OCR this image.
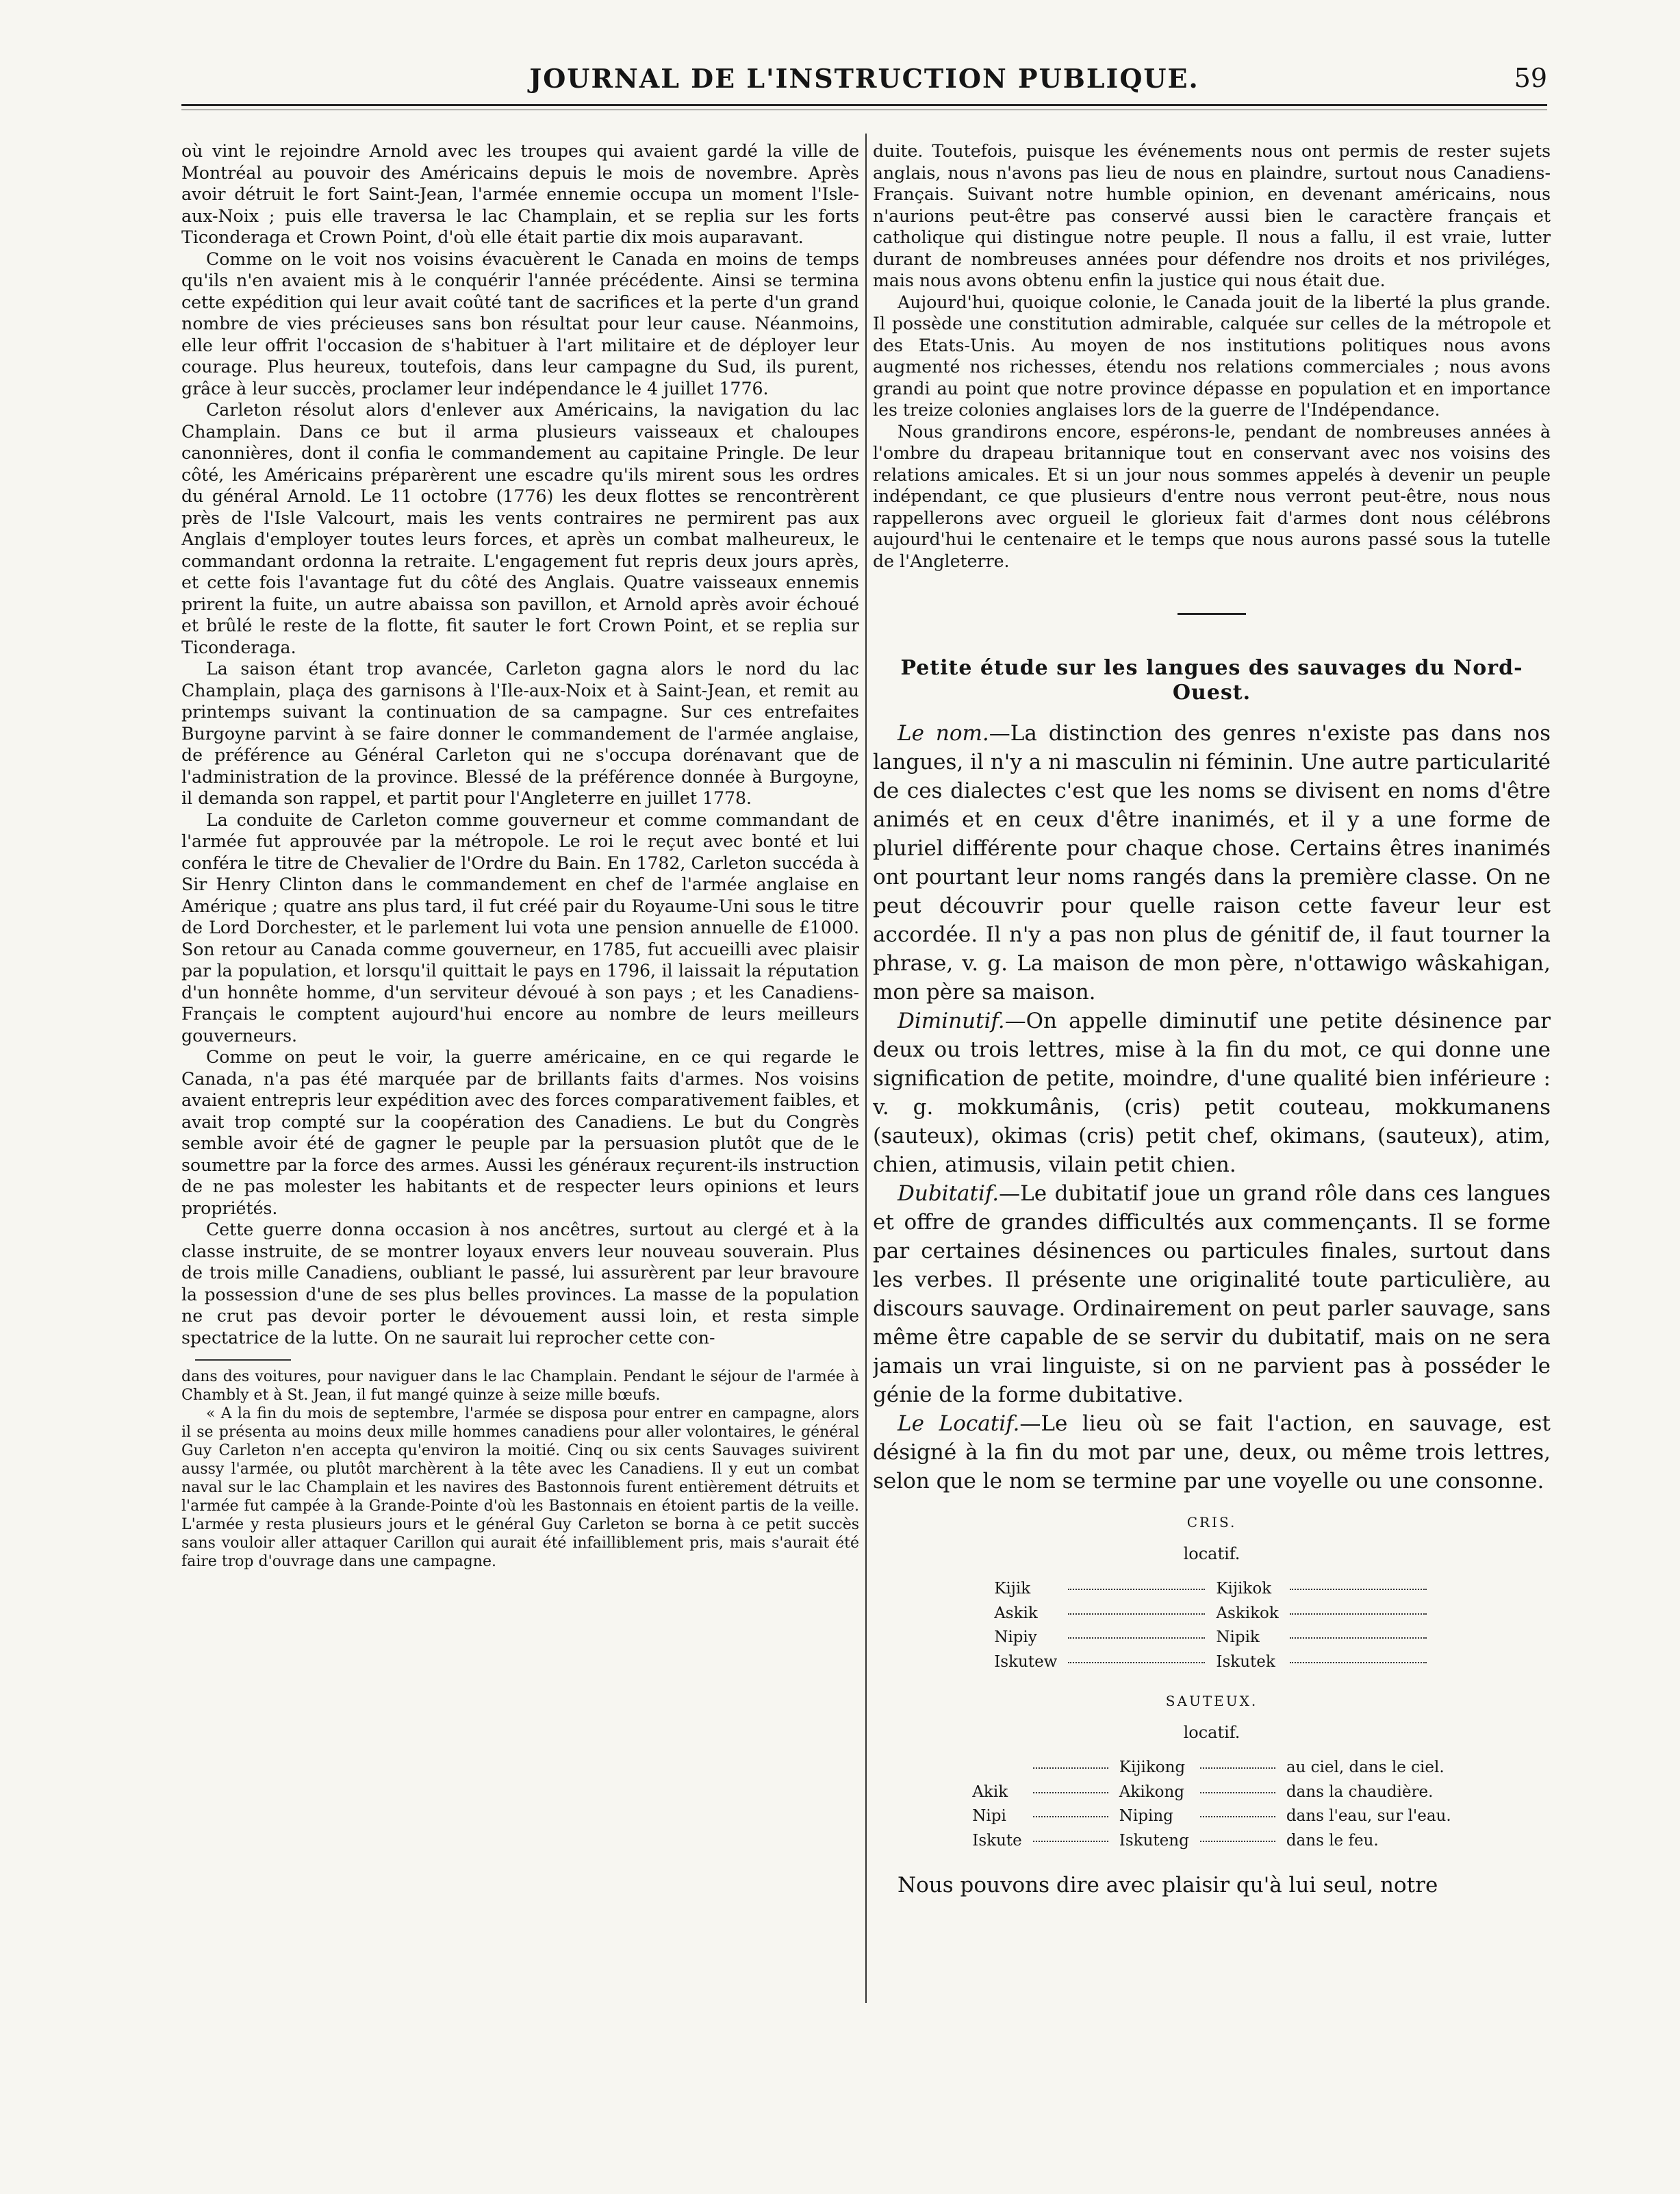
JOURNAL DE L'INSTRUCTION PUBLIQUE.	59

où vint le rejoindre Arnold avec les troupes qui avaient gardé la ville de Montréal au pouvoir des Américains depuis le mois de novembre. Après avoir détruit le fort Saint-Jean, l'armée ennemie occupa un moment l'Isle-aux-Noix ; puis elle traversa le lac Champlain, et se replia sur les forts Ticonderaga et Crown Point, d'où elle était partie dix mois auparavant.

Comme on le voit nos voisins évacuèrent le Canada en moins de temps qu'ils n'en avaient mis à le conquérir l'année précédente. Ainsi se termina cette expédition qui leur avait coûté tant de sacrifices et la perte d'un grand nombre de vies précieuses sans bon résultat pour leur cause. Néanmoins, elle leur offrit l'occasion de s'habituer à l'art militaire et de déployer leur courage. Plus heureux, toutefois, dans leur campagne du Sud, ils purent, grâce à leur succès, proclamer leur indépendance le 4 juillet 1776.

Carleton résolut alors d'enlever aux Américains, la navigation du lac Champlain. Dans ce but il arma plusieurs vaisseaux et chaloupes canonnières, dont il confia le commandement au capitaine Pringle. De leur côté, les Américains préparèrent une escadre qu'ils mirent sous les ordres du général Arnold. Le 11 octobre (1776) les deux flottes se rencontrèrent près de l'Isle Valcourt, mais les vents contraires ne permirent pas aux Anglais d'employer toutes leurs forces, et après un combat malheureux, le commandant ordonna la retraite. L'engagement fut repris deux jours après, et cette fois l'avantage fut du côté des Anglais. Quatre vaisseaux ennemis prirent la fuite, un autre abaissa son pavillon, et Arnold après avoir échoué et brûlé le reste de la flotte, fit sauter le fort Crown Point, et se replia sur Ticonderaga.

La saison étant trop avancée, Carleton gagna alors le nord du lac Champlain, plaça des garnisons à l'Ile-aux-Noix et à Saint-Jean, et remit au printemps suivant la continuation de sa campagne. Sur ces entrefaites Burgoyne parvint à se faire donner le commandement de l'armée anglaise, de préférence au Général Carleton qui ne s'occupa dorénavant que de l'administration de la province. Blessé de la préférence donnée à Burgoyne, il demanda son rappel, et partit pour l'Angleterre en juillet 1778.

La conduite de Carleton comme gouverneur et comme commandant de l'armée fut approuvée par la métropole. Le roi le reçut avec bonté et lui conféra le titre de Chevalier de l'Ordre du Bain. En 1782, Carleton succéda à Sir Henry Clinton dans le commandement en chef de l'armée anglaise en Amérique ; quatre ans plus tard, il fut créé pair du Royaume-Uni sous le titre de Lord Dorchester, et le parlement lui vota une pension annuelle de £1000. Son retour au Canada comme gouverneur, en 1785, fut accueilli avec plaisir par la population, et lorsqu'il quittait le pays en 1796, il laissait la réputation d'un honnête homme, d'un serviteur dévoué à son pays ; et les Canadiens-Français le comptent aujourd'hui encore au nombre de leurs meilleurs gouverneurs.

Comme on peut le voir, la guerre américaine, en ce qui regarde le Canada, n'a pas été marquée par de brillants faits d'armes. Nos voisins avaient entrepris leur expédition avec des forces comparativement faibles, et avait trop compté sur la coopération des Canadiens. Le but du Congrès semble avoir été de gagner le peuple par la persuasion plutôt que de le soumettre par la force des armes. Aussi les généraux reçurent-ils instruction de ne pas molester les habitants et de respecter leurs opinions et leurs propriétés.

Cette guerre donna occasion à nos ancêtres, surtout au clergé et à la classe instruite, de se montrer loyaux envers leur nouveau souverain. Plus de trois mille Canadiens, oubliant le passé, lui assurèrent par leur bravoure la possession d'une de ses plus belles provinces. La masse de la population ne crut pas devoir porter le dévouement aussi loin, et resta simple spectatrice de la lutte. On ne saurait lui reprocher cette con-

dans des voitures, pour naviguer dans le lac Champlain. Pendant le séjour de l'armée à Chambly et à St. Jean, il fut mangé quinze à seize mille bœufs.

« A la fin du mois de septembre, l'armée se disposa pour entrer en campagne, alors il se présenta au moins deux mille hommes canadiens pour aller volontaires, le général Guy Carleton n'en accepta qu'environ la moitié. Cinq ou six cents Sauvages suivirent aussy l'armée, ou plutôt marchèrent à la tête avec les Canadiens. Il y eut un combat naval sur le lac Champlain et les navires des Bastonnois furent entièrement détruits et l'armée fut campée à la Grande-Pointe d'où les Bastonnais en étoient partis de la veille. L'armée y resta plusieurs jours et le général Guy Carleton se borna à ce petit succès sans vouloir aller attaquer Carillon qui aurait été infailliblement pris, mais s'aurait été faire trop d'ouvrage dans une campagne.

duite. Toutefois, puisque les événements nous ont permis de rester sujets anglais, nous n'avons pas lieu de nous en plaindre, surtout nous Canadiens-Français. Suivant notre humble opinion, en devenant américains, nous n'aurions peut-être pas conservé aussi bien le caractère français et catholique qui distingue notre peuple. Il nous a fallu, il est vraie, lutter durant de nombreuses années pour défendre nos droits et nos priviléges, mais nous avons obtenu enfin la justice qui nous était due.

Aujourd'hui, quoique colonie, le Canada jouit de la liberté la plus grande. Il possède une constitution admirable, calquée sur celles de la métropole et des Etats-Unis. Au moyen de nos institutions politiques nous avons augmenté nos richesses, étendu nos relations commerciales ; nous avons grandi au point que notre province dépasse en population et en importance les treize colonies anglaises lors de la guerre de l'Indépendance.

Nous grandirons encore, espérons-le, pendant de nombreuses années à l'ombre du drapeau britannique tout en conservant avec nos voisins des relations amicales. Et si un jour nous sommes appelés à devenir un peuple indépendant, ce que plusieurs d'entre nous verront peut-être, nous nous rappellerons avec orgueil le glorieux fait d'armes dont nous célébrons aujourd'hui le centenaire et le temps que nous aurons passé sous la tutelle de l'Angleterre.

Petite étude sur les langues des sauvages du Nord-Ouest.

Le nom.—La distinction des genres n'existe pas dans nos langues, il n'y a ni masculin ni féminin. Une autre particularité de ces dialectes c'est que les noms se divisent en noms d'être animés et en ceux d'être inanimés, et il y a une forme de pluriel différente pour chaque chose. Certains êtres inanimés ont pourtant leur noms rangés dans la première classe. On ne peut découvrir pour quelle raison cette faveur leur est accordée. Il n'y a pas non plus de génitif de, il faut tourner la phrase, v. g. La maison de mon père, n'ottawigo wâskahigan, mon père sa maison.

Diminutif.—On appelle diminutif une petite désinence par deux ou trois lettres, mise à la fin du mot, ce qui donne une signification de petite, moindre, d'une qualité bien inférieure : v. g. mokkumânis, (cris) petit couteau, mokkumanens (sauteux), okimas (cris) petit chef, okimans, (sauteux), atim, chien, atimusis, vilain petit chien.

Dubitatif.—Le dubitatif joue un grand rôle dans ces langues et offre de grandes difficultés aux commençants. Il se forme par certaines désinences ou particules finales, surtout dans les verbes. Il présente une originalité toute particulière, au discours sauvage. Ordinairement on peut parler sauvage, sans même être capable de se servir du dubitatif, mais on ne sera jamais un vrai linguiste, si on ne parvient pas à posséder le génie de la forme dubitative.

Le Locatif.—Le lieu où se fait l'action, en sauvage, est désigné à la fin du mot par une, deux, ou même trois lettres, selon que le nom se termine par une voyelle ou une consonne.

CRIS.
locatif.
Kijik		Kijikok	
Askik		Askikok	
Nipiy		Nipik	
Iskutew		Iskutek	
SAUTEUX.
locatif.
		Kijikong		au ciel, dans le ciel.
Akik		Akikong		dans la chaudière.
Nipi		Niping		dans l'eau, sur l'eau.
Iskute		Iskuteng		dans le feu.

Nous pouvons dire avec plaisir qu'à lui seul, notre
